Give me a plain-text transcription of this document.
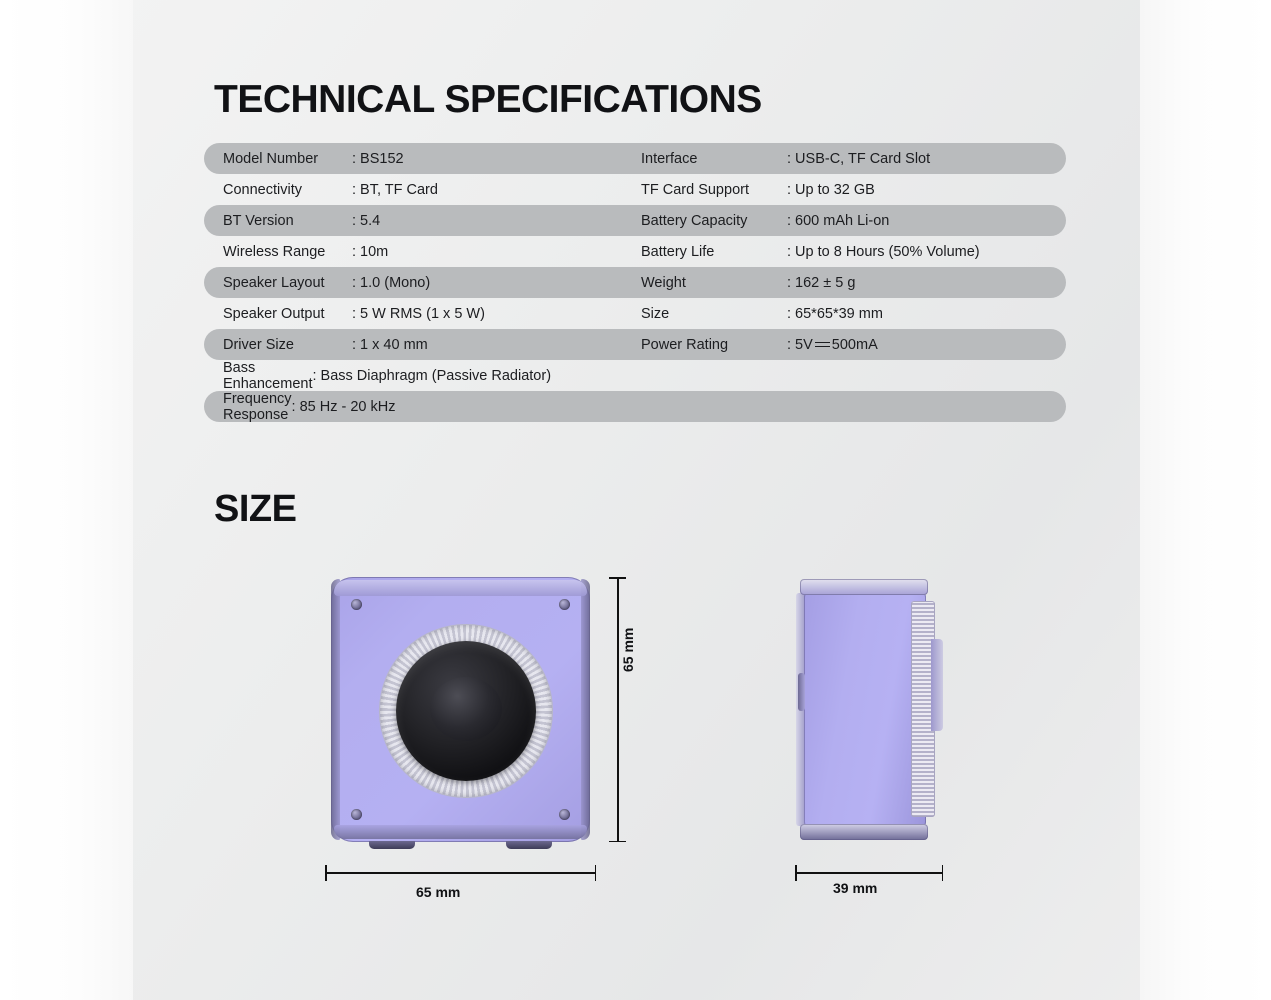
TECHNICAL SPECIFICATIONS
Model Number	: BS152	Interface	: USB-C, TF Card Slot
Connectivity	: BT, TF Card	TF Card Support	: Up to 32 GB
BT Version	: 5.4	Battery Capacity	: 600 mAh Li-on
Wireless Range	: 10m	Battery Life	: Up to 8 Hours (50% Volume)
Speaker Layout	: 1.0 (Mono)	Weight	: 162 ± 5 g
Speaker Output	: 5 W RMS (1 x 5 W)	Size	: 65*65*39 mm
Driver Size	: 1 x 40 mm	Power Rating	: 5V 500mA
Bass Enhancement : Bass Diaphragm (Passive Radiator)
Frequency Response : 85 Hz - 20 kHz
SIZE
65 mm
65 mm	39 mm
